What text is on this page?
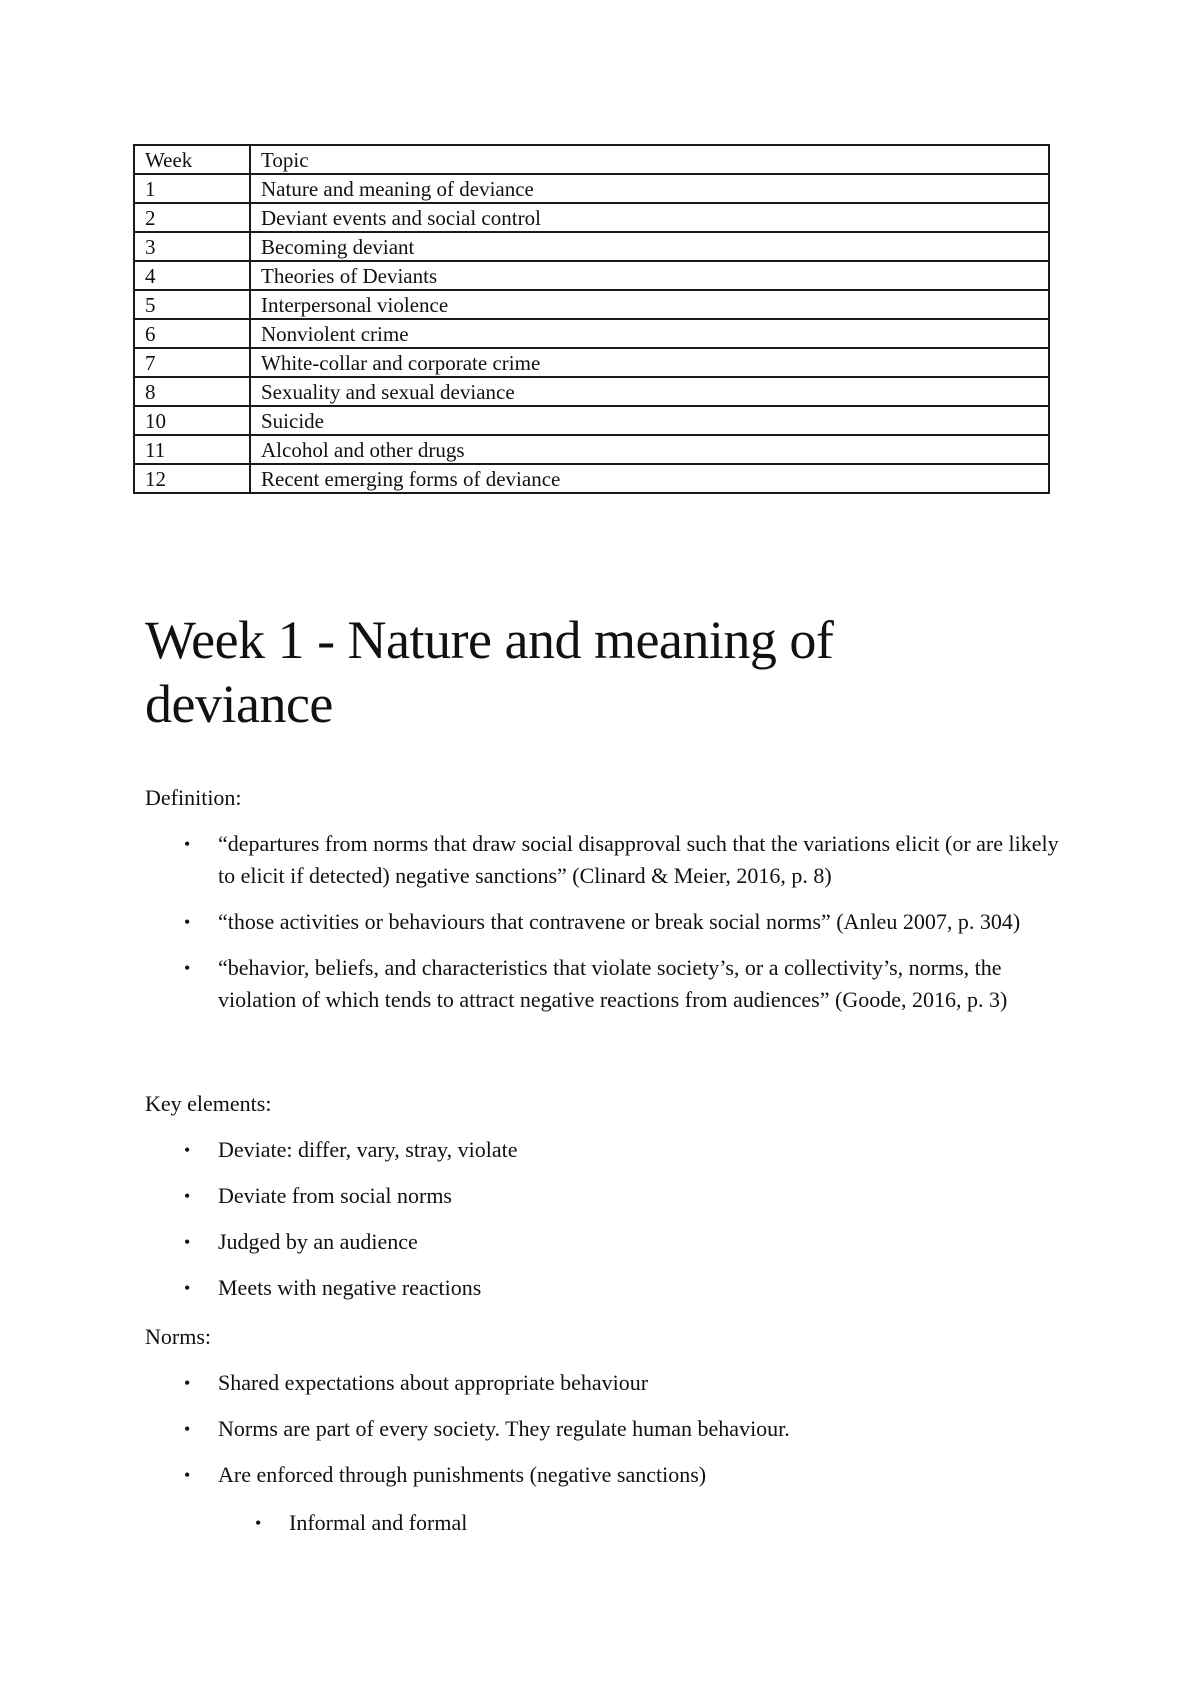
Week	Topic
1	Nature and meaning of deviance
2	Deviant events and social control
3	Becoming deviant
4	Theories of Deviants
5	Interpersonal violence
6	Nonviolent crime
7	White-collar and corporate crime
8	Sexuality and sexual deviance
10	Suicide
11	Alcohol and other drugs
12	Recent emerging forms of deviance
Week 1 - Nature and meaning of deviance

Definition:

• “departures from norms that draw social disapproval such that the variations elicit (or are likely to elicit if detected) negative sanctions” (Clinard & Meier, 2016, p. 8)
• “those activities or behaviours that contravene or break social norms” (Anleu 2007, p. 304)
• “behavior, beliefs, and characteristics that violate society’s, or a collectivity’s, norms, the violation of which tends to attract negative reactions from audiences” (Goode, 2016, p. 3)

Key elements:

• Deviate: differ, vary, stray, violate
• Deviate from social norms
• Judged by an audience
• Meets with negative reactions

Norms:

• Shared expectations about appropriate behaviour
• Norms are part of every society. They regulate human behaviour.
• Are enforced through punishments (negative sanctions)
• Informal and formal
